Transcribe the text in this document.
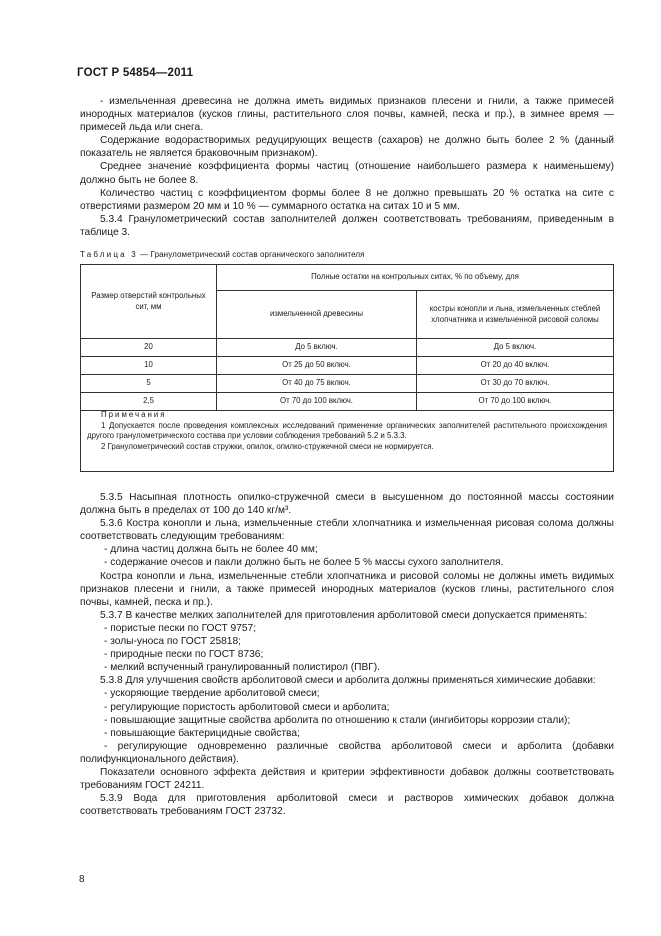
ГОСТ Р 54854—2011

- измельченная древесина не должна иметь видимых признаков плесени и гнили, а также примесей инородных материалов (кусков глины, растительного слоя почвы, камней, песка и пр.), в зимнее время — примесей льда или снега.

Содержание водорастворимых редуцирующих веществ (сахаров) не должно быть более 2 % (данный показатель не является браковочным признаком).

Среднее значение коэффициента формы частиц (отношение наибольшего размера к наименьшему) должно быть не более 8.

Количество частиц с коэффициентом формы более 8 не должно превышать 20 % остатка на сите с отверстиями размером 20 мм и 10 % — суммарного остатка на ситах 10 и 5 мм.

5.3.4 Гранулометрический состав заполнителей должен соответствовать требованиям, приведенным в таблице 3.

Таблица 3 — Гранулометрический состав органического заполнителя
Размер отверстий контрольных сит, мм	Полные остатки на контрольных ситах, % по объему, для	
	измельченной древесины	костры конопли и льна, измельченных стеблей хлопчатника и измельченной рисовой соломы
20	До 5 включ.	До 5 включ.
10	От 25 до 50 включ.	От 20 до 40 включ.
5	От 40 до 75 включ.	От 30 до 70 включ.
2,5	От 70 до 100 включ.	От 70 до 100 включ.

Примечания

1 Допускается после проведения комплексных исследований применение органических заполнителей растительного происхождения другого гранулометрического состава при условии соблюдения требований 5.2 и 5.3.3.

2 Гранулометрический состав стружки, опилок, опилко-стружечной смеси не нормируется.

5.3.5 Насыпная плотность опилко-стружечной смеси в высушенном до постоянной массы состоянии должна быть в пределах от 100 до 140 кг/м³.

5.3.6 Костра конопли и льна, измельченные стебли хлопчатника и измельченная рисовая солома должны соответствовать следующим требованиям:

- длина частиц должна быть не более 40 мм;

- содержание очесов и пакли должно быть не более 5 % массы сухого заполнителя.

Костра конопли и льна, измельченные стебли хлопчатника и рисовой соломы не должны иметь видимых признаков плесени и гнили, а также примесей инородных материалов (кусков глины, растительного слоя почвы, камней, песка и пр.).

5.3.7 В качестве мелких заполнителей для приготовления арболитовой смеси допускается применять:

- пористые пески по ГОСТ 9757;

- золы-уноса по ГОСТ 25818;

- природные пески по ГОСТ 8736;

- мелкий вспученный гранулированный полистирол (ПВГ).

5.3.8 Для улучшения свойств арболитовой смеси и арболита должны применяться химические добавки:

- ускоряющие твердение арболитовой смеси;

- регулирующие пористость арболитовой смеси и арболита;

- повышающие защитные свойства арболита по отношению к стали (ингибиторы коррозии стали);

- повышающие бактерицидные свойства;

- регулирующие одновременно различные свойства арболитовой смеси и арболита (добавки полифункционального действия).

Показатели основного эффекта действия и критерии эффективности добавок должны соответствовать требованиям ГОСТ 24211.

5.3.9 Вода для приготовления арболитовой смеси и растворов химических добавок должна соответствовать требованиям ГОСТ 23732.

8
